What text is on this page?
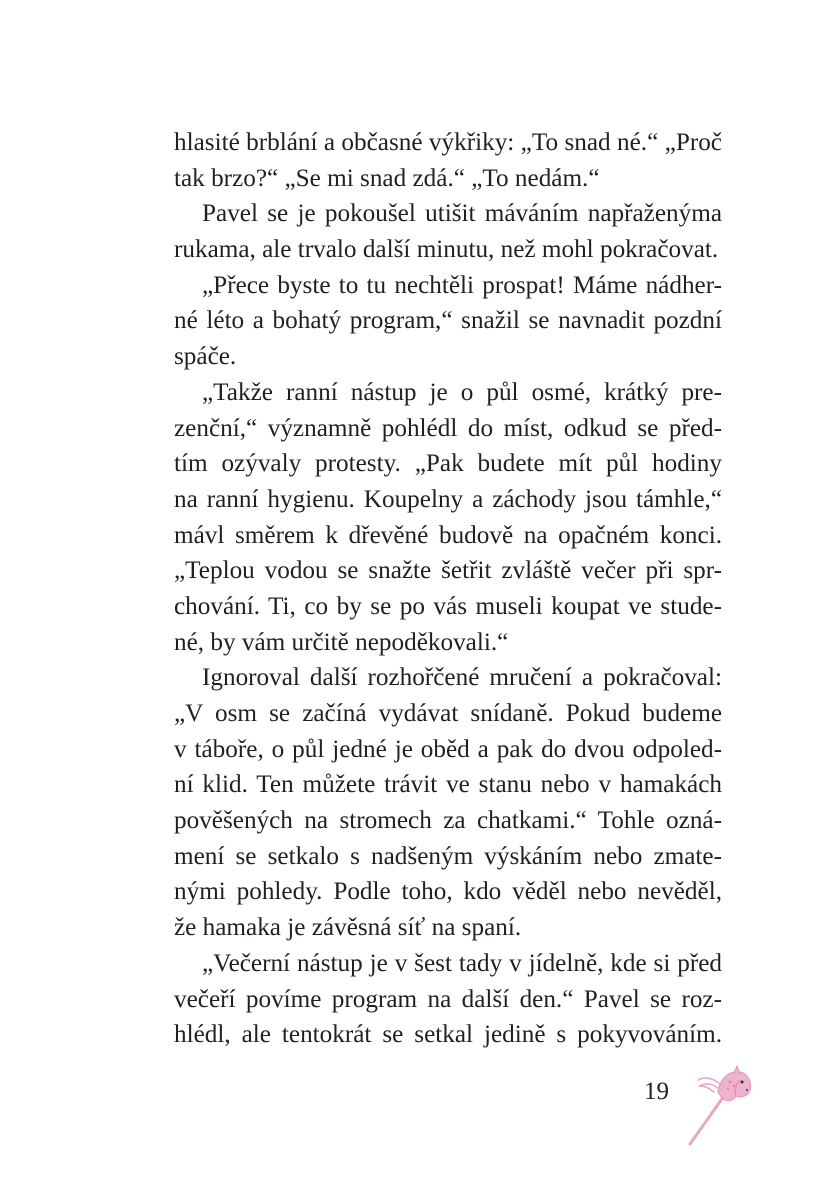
hlasité brblání a občasné výkřiky: „To snad né.“ „Proč
tak brzo?“ „Se mi snad zdá.“ „To nedám.“
Pavel se je pokoušel utišit máváním napřaženýma
rukama, ale trvalo další minutu, než mohl pokračovat.
„Přece byste to tu nechtěli prospat! Máme nádher-
né léto a bohatý program,“ snažil se navnadit pozdní
spáče.
„Takže ranní nástup je o půl osmé, krátký pre-
zenční,“ významně pohlédl do míst, odkud se před-
tím ozývaly protesty. „Pak budete mít půl hodiny
na ranní hygienu. Koupelny a záchody jsou támhle,“
mávl směrem k dřevěné budově na opačném konci.
„Teplou vodou se snažte šetřit zvláště večer při spr-
chování. Ti, co by se po vás museli koupat ve stude-
né, by vám určitě nepoděkovali.“
Ignoroval další rozhořčené mručení a pokračoval:
„V osm se začíná vydávat snídaně. Pokud budeme
v táboře, o půl jedné je oběd a pak do dvou odpoled-
ní klid. Ten můžete trávit ve stanu nebo v hamakách
pověšených na stromech za chatkami.“ Tohle ozná-
mení se setkalo s nadšeným výskáním nebo zmate-
nými pohledy. Podle toho, kdo věděl nebo nevěděl,
že hamaka je závěsná síť na spaní.
„Večerní nástup je v šest tady v jídelně, kde si před
večeří povíme program na další den.“ Pavel se roz-
hlédl, ale tentokrát se setkal jedině s pokyvováním.
19
